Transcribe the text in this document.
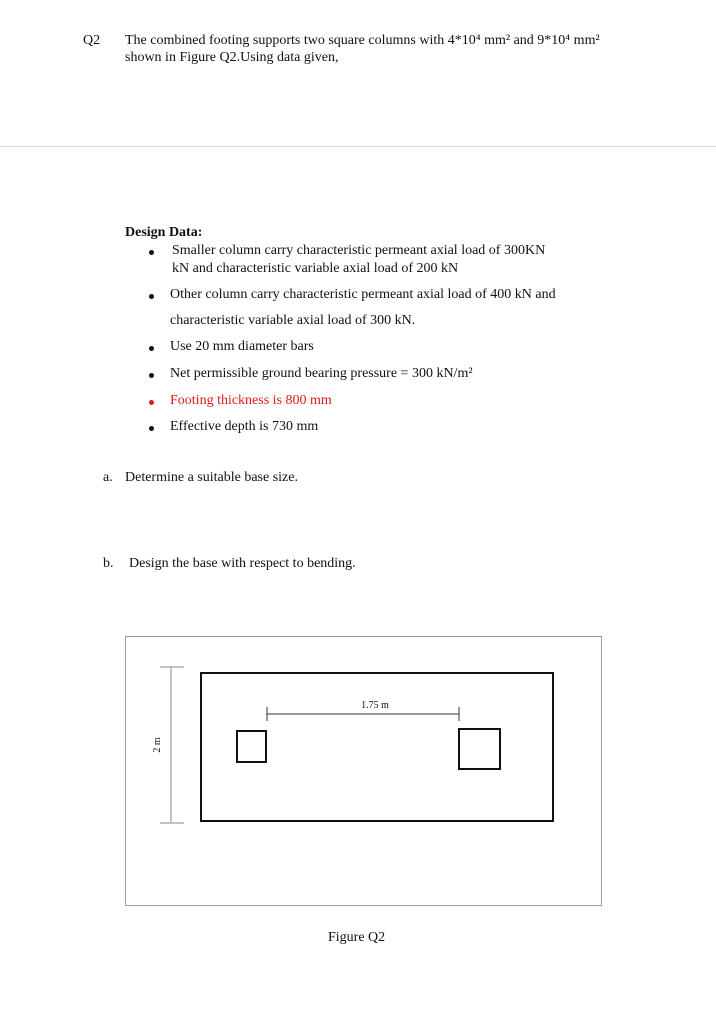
Q2 The combined footing supports two square columns with 4*10⁴ mm² and 9*10⁴ mm²
shown in Figure Q2.Using data given,
Design Data:
Smaller column carry characteristic permeant axial load of 300KN
kN and characteristic variable axial load of 200 kN
Other column carry characteristic permeant axial load of 400 kN and
characteristic variable axial load of 300 kN.
Use 20 mm diameter bars
Net permissible ground bearing pressure = 300 kN/m²
Footing thickness is 800 mm
Effective depth is 730 mm
a. Determine a suitable base size.
b. Design the base with respect to bending.
2 m
1.75 m
Figure Q2
